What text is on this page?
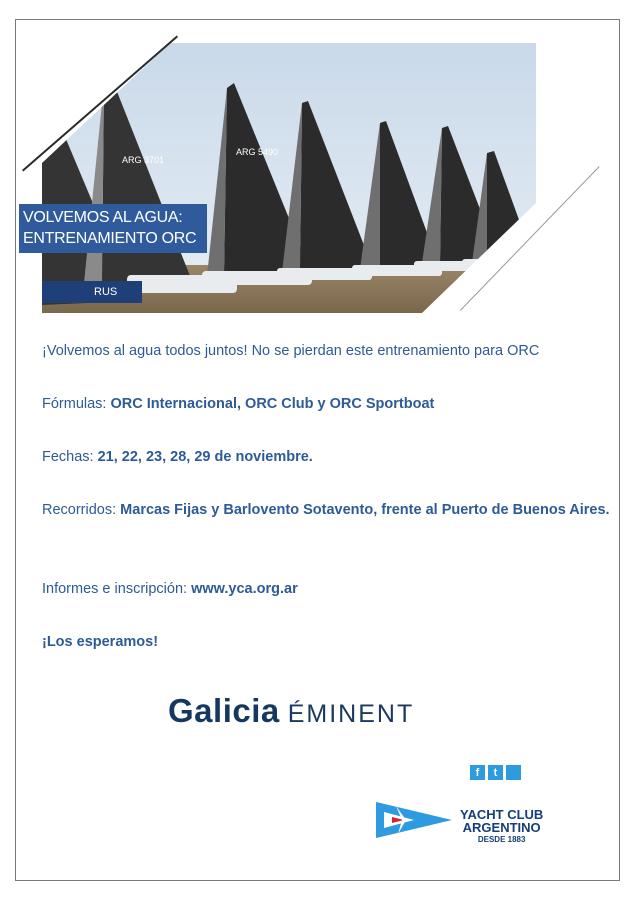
ARG 5490
ARG 3701
RUS
VOLVEMOS AL AGUA:
ENTRENAMIENTO ORC
¡Volvemos al agua todos juntos! No se pierdan este entrenamiento para ORC
Fórmulas: ORC Internacional, ORC Club y ORC Sportboat
Fechas: 21, 22, 23, 28, 29 de noviembre.
Recorridos: Marcas Fijas y Barlovento Sotavento, frente al Puerto de Buenos Aires.
Informes e inscripción: www.yca.org.ar
¡Los esperamos!
Galicia ÉMINENT
f	t	i
YACHT CLUB
ARGENTINO
DESDE 1883
